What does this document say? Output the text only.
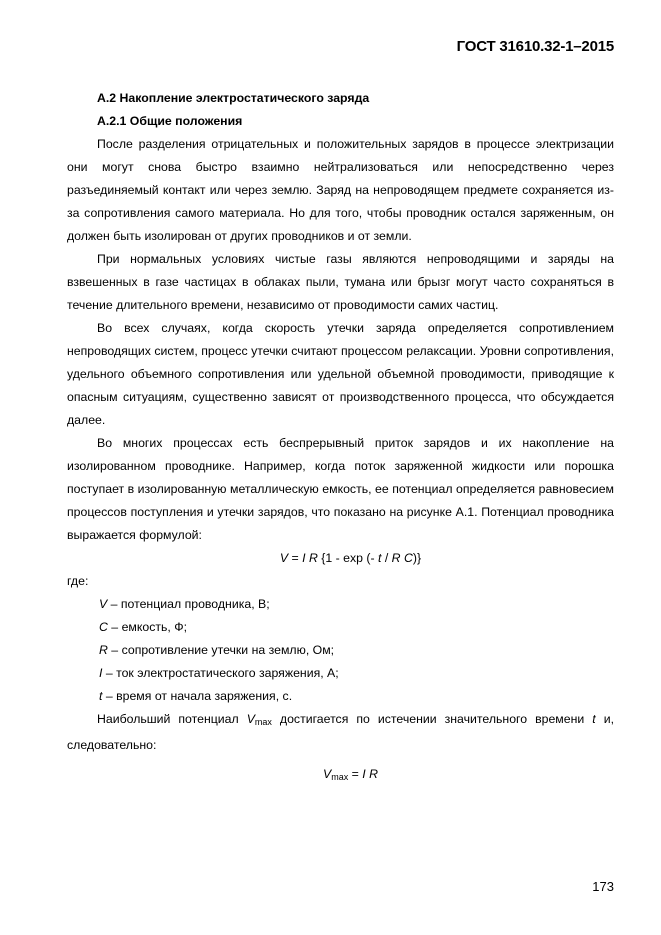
ГОСТ 31610.32-1–2015

А.2 Накопление электростатического заряда

А.2.1 Общие положения

После разделения отрицательных и положительных зарядов в процессе электризации они могут снова быстро взаимно нейтрализоваться или непосредственно через разъединяемый контакт или через землю. Заряд на непроводящем предмете сохраняется из-за сопротивления самого материала. Но для того, чтобы проводник остался заряженным, он должен быть изолирован от других проводников и от земли.

При нормальных условиях чистые газы являются непроводящими и заряды на взвешенных в газе частицах в облаках пыли, тумана или брызг могут часто сохраняться в течение длительного времени, независимо от проводимости самих частиц.

Во всех случаях, когда скорость утечки заряда определяется сопротивлением непроводящих систем, процесс утечки считают процессом релаксации. Уровни сопротивления, удельного объемного сопротивления или удельной объемной проводимости, приводящие к опасным ситуациям, существенно зависят от производственного процесса, что обсуждается далее.

Во многих процессах есть беспрерывный приток зарядов и их накопление на изолированном проводнике. Например, когда поток заряженной жидкости или порошка поступает в изолированную металлическую емкость, ее потенциал определяется равновесием процессов поступления и утечки зарядов, что показано на рисунке А.1. Потенциал проводника выражается формулой:

V = I R {1 - exp (- t / R C)}

где:

V – потенциал проводника, В;

C – емкость, Ф;

R – сопротивление утечки на землю, Ом;

I – ток электростатического заряжения, А;

t – время от начала заряжения, с.

Наибольший потенциал $V_{max}$ достигается по истечении значительного времени t и, следовательно:

$V_{max} = I$ R

173
